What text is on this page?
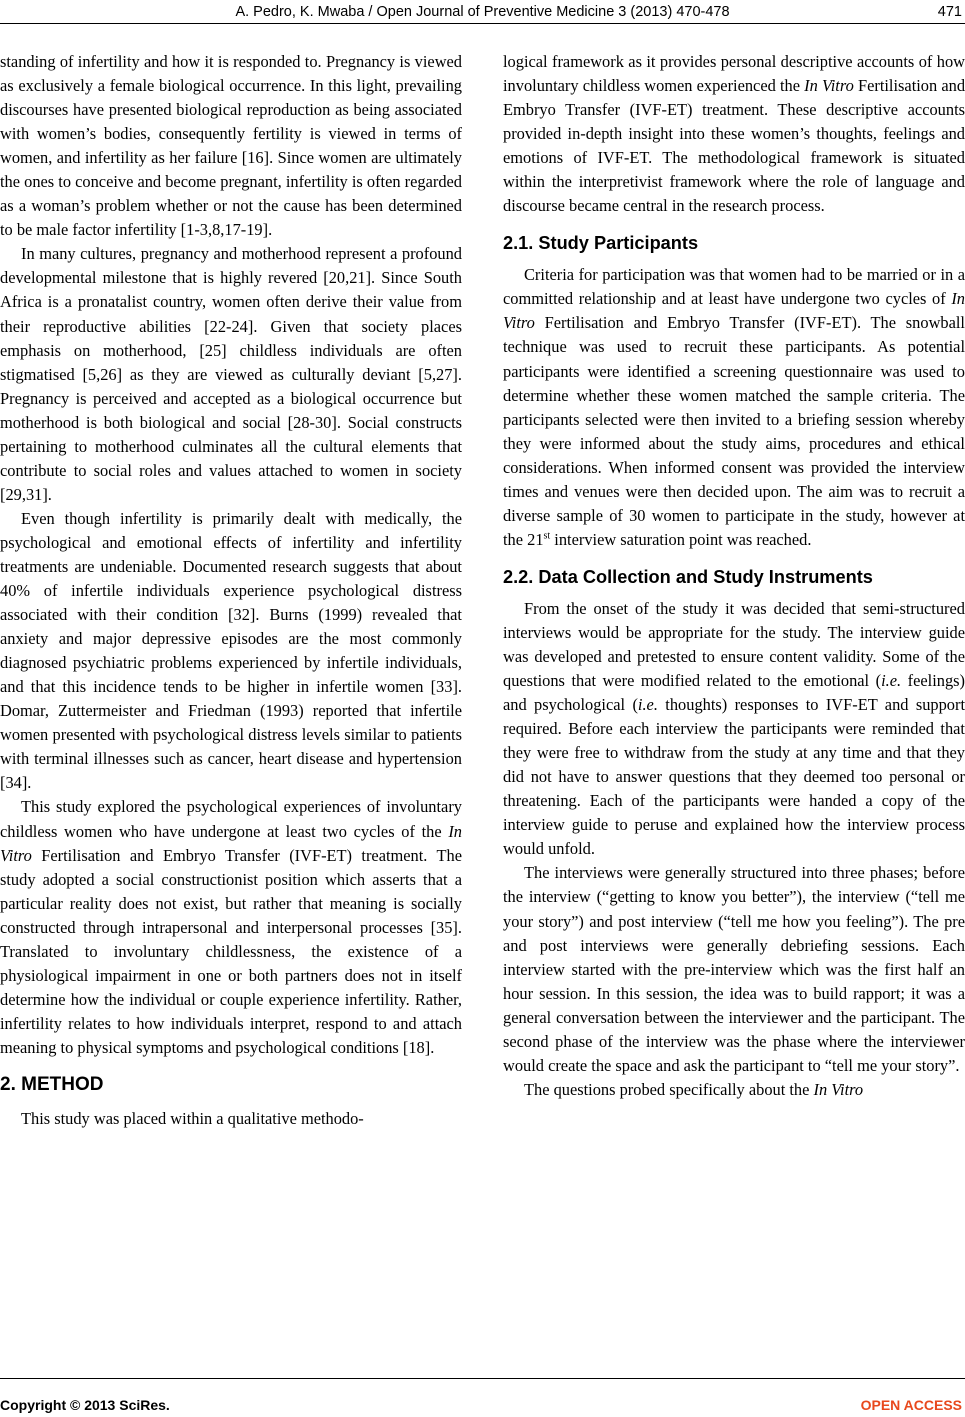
A. Pedro, K. Mwaba / Open Journal of Preventive Medicine 3 (2013) 470-478	471

standing of infertility and how it is responded to. Pregnancy is viewed as exclusively a female biological occurrence. In this light, prevailing discourses have presented biological reproduction as being associated with women’s bodies, consequently fertility is viewed in terms of women, and infertility as her failure [16]. Since women are ultimately the ones to conceive and become pregnant, infertility is often regarded as a woman’s problem whether or not the cause has been determined to be male factor infertility [1-3,8,17-19].

In many cultures, pregnancy and motherhood represent a profound developmental milestone that is highly revered [20,21]. Since South Africa is a pronatalist country, women often derive their value from their reproductive abilities [22-24]. Given that society places emphasis on motherhood, [25] childless individuals are often stigmatised [5,26] as they are viewed as culturally deviant [5,27]. Pregnancy is perceived and accepted as a biological occurrence but motherhood is both biological and social [28-30]. Social constructs pertaining to motherhood culminates all the cultural elements that contribute to social roles and values attached to women in society [29,31].

Even though infertility is primarily dealt with medically, the psychological and emotional effects of infertility and infertility treatments are undeniable. Documented research suggests that about 40% of infertile individuals experience psychological distress associated with their condition [32]. Burns (1999) revealed that anxiety and major depressive episodes are the most commonly diagnosed psychiatric problems experienced by infertile individuals, and that this incidence tends to be higher in infertile women [33]. Domar, Zuttermeister and Friedman (1993) reported that infertile women presented with psychological distress levels similar to patients with terminal illnesses such as cancer, heart disease and hypertension [34].

This study explored the psychological experiences of involuntary childless women who have undergone at least two cycles of the In Vitro Fertilisation and Embryo Transfer (IVF-ET) treatment. The study adopted a social constructionist position which asserts that a particular reality does not exist, but rather that meaning is socially constructed through intrapersonal and interpersonal processes [35]. Translated to involuntary childlessness, the existence of a physiological impairment in one or both partners does not in itself determine how the individual or couple experience infertility. Rather, infertility relates to how individuals interpret, respond to and attach meaning to physical symptoms and psychological conditions [18].

2. METHOD

This study was placed within a qualitative methodo-

logical framework as it provides personal descriptive accounts of how involuntary childless women experienced the In Vitro Fertilisation and Embryo Transfer (IVF-ET) treatment. These descriptive accounts provided in-depth insight into these women’s thoughts, feelings and emotions of IVF-ET. The methodological framework is situated within the interpretivist framework where the role of language and discourse became central in the research process.

2.1. Study Participants

Criteria for participation was that women had to be married or in a committed relationship and at least have undergone two cycles of In Vitro Fertilisation and Embryo Transfer (IVF-ET). The snowball technique was used to recruit these participants. As potential participants were identified a screening questionnaire was used to determine whether these women matched the sample criteria. The participants selected were then invited to a briefing session whereby they were informed about the study aims, procedures and ethical considerations. When informed consent was provided the interview times and venues were then decided upon. The aim was to recruit a diverse sample of 30 women to participate in the study, however at the 21st interview saturation point was reached.

2.2. Data Collection and Study Instruments

From the onset of the study it was decided that semi-structured interviews would be appropriate for the study. The interview guide was developed and pretested to ensure content validity. Some of the questions that were modified related to the emotional (i.e. feelings) and psychological (i.e. thoughts) responses to IVF-ET and support required. Before each interview the participants were reminded that they were free to withdraw from the study at any time and that they did not have to answer questions that they deemed too personal or threatening. Each of the participants were handed a copy of the interview guide to peruse and explained how the interview process would unfold.

The interviews were generally structured into three phases; before the interview (“getting to know you better”), the interview (“tell me your story”) and post interview (“tell me how you feeling”). The pre and post interviews were generally debriefing sessions. Each interview started with the pre-interview which was the first half an hour session. In this session, the idea was to build rapport; it was a general conversation between the interviewer and the participant. The second phase of the interview was the phase where the interviewer would create the space and ask the participant to “tell me your story”.

The questions probed specifically about the In Vitro

Copyright © 2013 SciRes.	OPEN ACCESS
